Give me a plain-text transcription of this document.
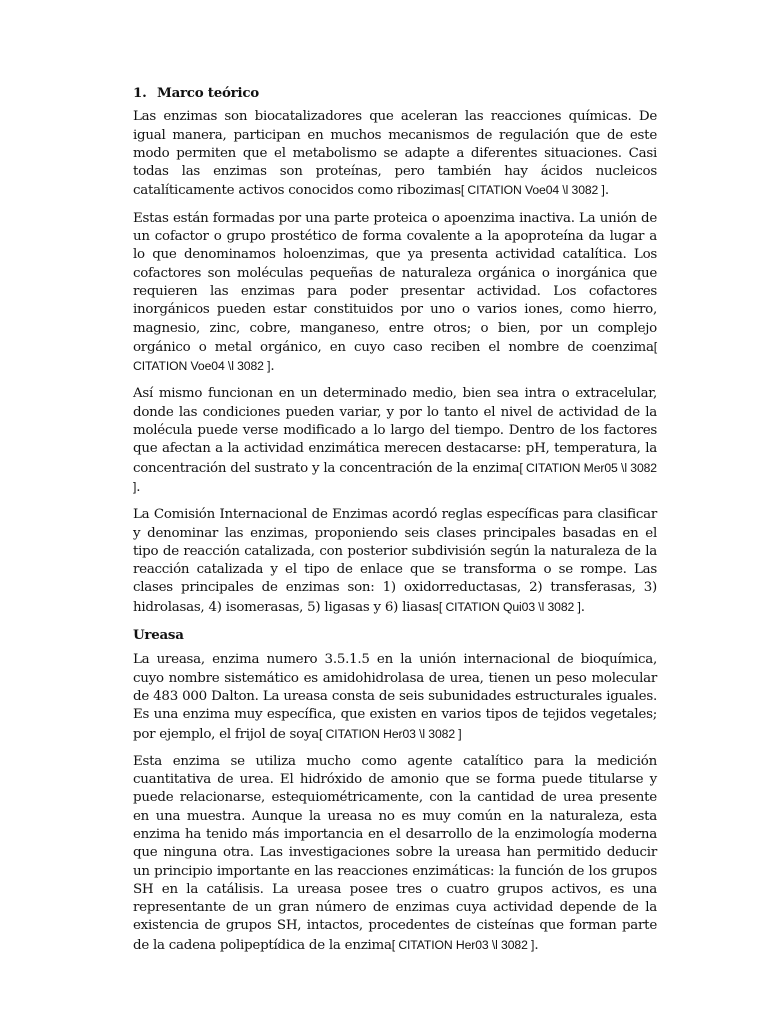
1. Marco teórico

Las enzimas son biocatalizadores que aceleran las reacciones químicas. De igual manera, participan en muchos mecanismos de regulación que de este modo permiten que el metabolismo se adapte a diferentes situaciones. Casi todas las enzimas son proteínas, pero también hay ácidos nucleicos catalíticamente activos conocidos como ribozimas[ CITATION Voe04 \l 3082 ].

Estas están formadas por una parte proteica o apoenzima inactiva. La unión de un cofactor o grupo prostético de forma covalente a la apoproteína da lugar a lo que denominamos holoenzimas, que ya presenta actividad catalítica. Los cofactores son moléculas pequeñas de naturaleza orgánica o inorgánica que requieren las enzimas para poder presentar actividad. Los cofactores inorgánicos pueden estar constituidos por uno o varios iones, como hierro, magnesio, zinc, cobre, manganeso, entre otros; o bien, por un complejo orgánico o metal orgánico, en cuyo caso reciben el nombre de coenzima[ CITATION Voe04 \l 3082 ].

Así mismo funcionan en un determinado medio, bien sea intra o extracelular, donde las condiciones pueden variar, y por lo tanto el nivel de actividad de la molécula puede verse modificado a lo largo del tiempo. Dentro de los factores que afectan a la actividad enzimática merecen destacarse: pH, temperatura, la concentración del sustrato y la concentración de la enzima[ CITATION Mer05 \l 3082 ].

La Comisión Internacional de Enzimas acordó reglas específicas para clasificar y denominar las enzimas, proponiendo seis clases principales basadas en el tipo de reacción catalizada, con posterior subdivisión según la naturaleza de la reacción catalizada y el tipo de enlace que se transforma o se rompe. Las clases principales de enzimas son: 1) oxidorreductasas, 2) transferasas, 3) hidrolasas, 4) isomerasas, 5) ligasas y 6) liasas[ CITATION Qui03 \l 3082 ].

Ureasa

La ureasa, enzima numero 3.5.1.5 en la unión internacional de bioquímica, cuyo nombre sistemático es amidohidrolasa de urea, tienen un peso molecular de 483 000 Dalton. La ureasa consta de seis subunidades estructurales iguales. Es una enzima muy específica, que existen en varios tipos de tejidos vegetales; por ejemplo, el frijol de soya[ CITATION Her03 \l 3082 ]

Esta enzima se utiliza mucho como agente catalítico para la medición cuantitativa de urea. El hidróxido de amonio que se forma puede titularse y puede relacionarse, estequiométricamente, con la cantidad de urea presente en una muestra. Aunque la ureasa no es muy común en la naturaleza, esta enzima ha tenido más importancia en el desarrollo de la enzimología moderna que ninguna otra. Las investigaciones sobre la ureasa han permitido deducir un principio importante en las reacciones enzimáticas: la función de los grupos SH en la catálisis. La ureasa posee tres o cuatro grupos activos, es una representante de un gran número de enzimas cuya actividad depende de la existencia de grupos SH, intactos, procedentes de cisteínas que forman parte de la cadena polipeptídica de la enzima[ CITATION Her03 \l 3082 ].
